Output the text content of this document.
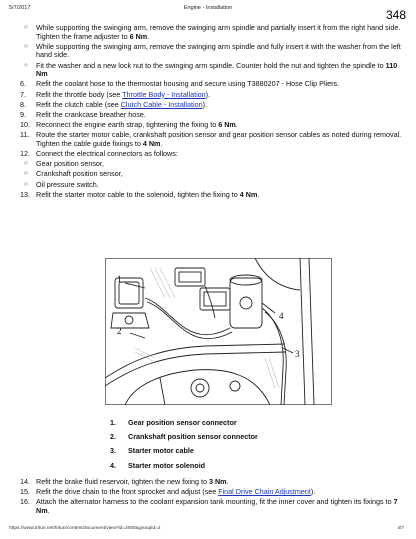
5/7/2017	Engine - Installation	348
○	While supporting the swinging arm, remove the swinging arm spindle and partially insert it from the right hand side. Tighten the frame adjuster to 6 Nm.
○	While supporting the swinging arm, remove the swinging arm spindle and fully insert it with the washer from the left hand side.
○	Fit the washer and a new lock nut to the swinging arm spindle. Counter hold the nut and tighten the spindle to 110 Nm
6.	Refit the coolant hose to the thermostat housing and secure using T3880207 - Hose Clip Pliers.
7.	Refit the throttle body (see Throttle Body - Installation).
8.	Refit the clutch cable (see Clutch Cable - Installation).
9.	Refit the crankcase breather hose.
10. Reconnect the engine earth strap, tightening the fixing to 6 Nm.
11. Route the starter motor cable, crankshaft position sensor and gear position sensor cables as noted during removal. Tighten the cable guide fixings to 4 Nm.
12. Connect the electrical connectors as follows:
○	Gear position sensor,
○	Crankshaft position sensor,
○	Oil pressure switch.
13. Refit the starter motor cable to the solenoid, tighten the fixing to 4 Nm.
1
4
3
2
1. Gear position sensor connector
2. Crankshaft position sensor connector
3. Starter motor cable
4. Starter motor solenoid
14. Refit the brake fluid reservoir, tighten the new fixing to 3 Nm.
15. Refit the drive chain to the front sprocket and adjust (see Final Drive Chain Adjustment).
16. Attach the alternator harness to the coolant expansion tank mounting, fit the inner cover and tighten its fixings to 7 Nm.
https://www.tritun.net/tritun/content/document/view?id=2005&groupid=2	4/7
